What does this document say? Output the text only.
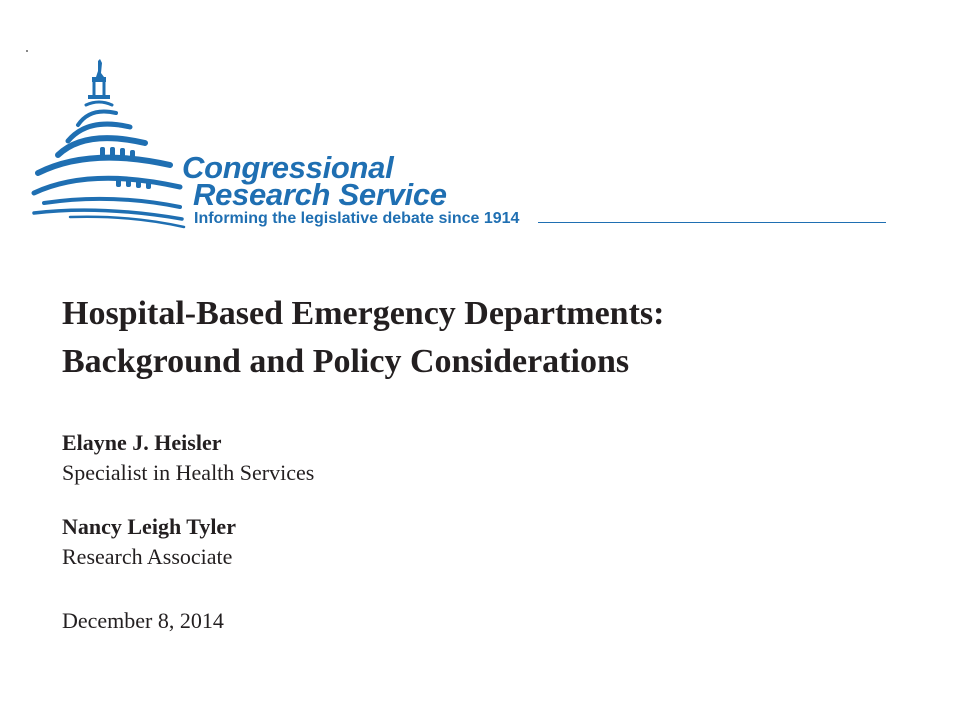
Congressional
Research Service
Informing the legislative debate since 1914
Hospital-Based Emergency Departments:
Background and Policy Considerations

Elayne J. Heisler

Specialist in Health Services

Nancy Leigh Tyler

Research Associate

December 8, 2014
